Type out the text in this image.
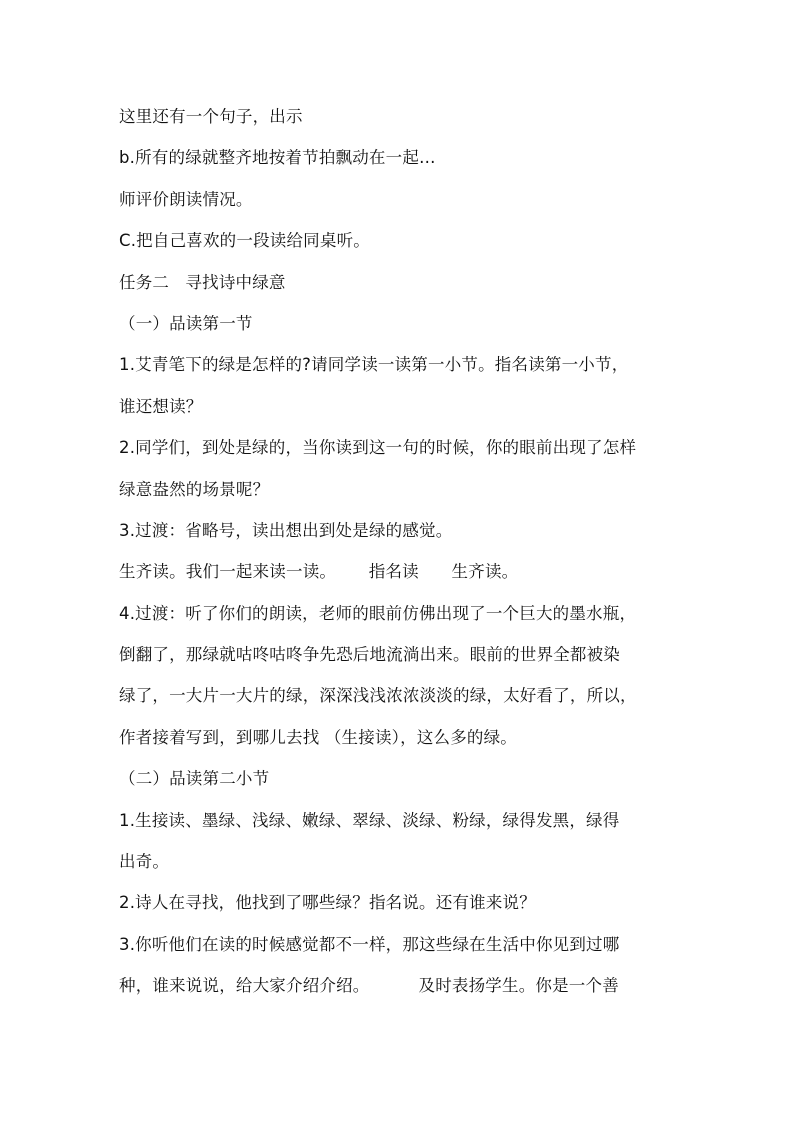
这里还有一个句子，出示
b.所有的绿就整齐地按着节拍飘动在一起…
师评价朗读情况。
C.把自己喜欢的一段读给同桌听。
任务二   寻找诗中绿意
（一）品读第一节
1.艾青笔下的绿是怎样的?请同学读一读第一小节。指名读第一小节，
谁还想读？
2.同学们，到处是绿的，当你读到这一句的时候，你的眼前出现了怎样
绿意盎然的场景呢？
3.过渡：省略号，读出想出到处是绿的感觉。
生齐读。我们一起来读一读。      指名读      生齐读。
4.过渡：听了你们的朗读，老师的眼前仿佛出现了一个巨大的墨水瓶，
倒翻了，那绿就咕咚咕咚争先恐后地流淌出来。眼前的世界全都被染
绿了，一大片一大片的绿，深深浅浅浓浓淡淡的绿，太好看了，所以，
作者接着写到，到哪儿去找 （生接读），这么多的绿。
（二）品读第二小节
1.生接读、墨绿、浅绿、嫩绿、翠绿、淡绿、粉绿，绿得发黑，绿得
出奇。
2.诗人在寻找，他找到了哪些绿？指名说。还有谁来说？
3.你听他们在读的时候感觉都不一样，那这些绿在生活中你见到过哪
种，谁来说说，给大家介绍介绍。         及时表扬学生。你是一个善
